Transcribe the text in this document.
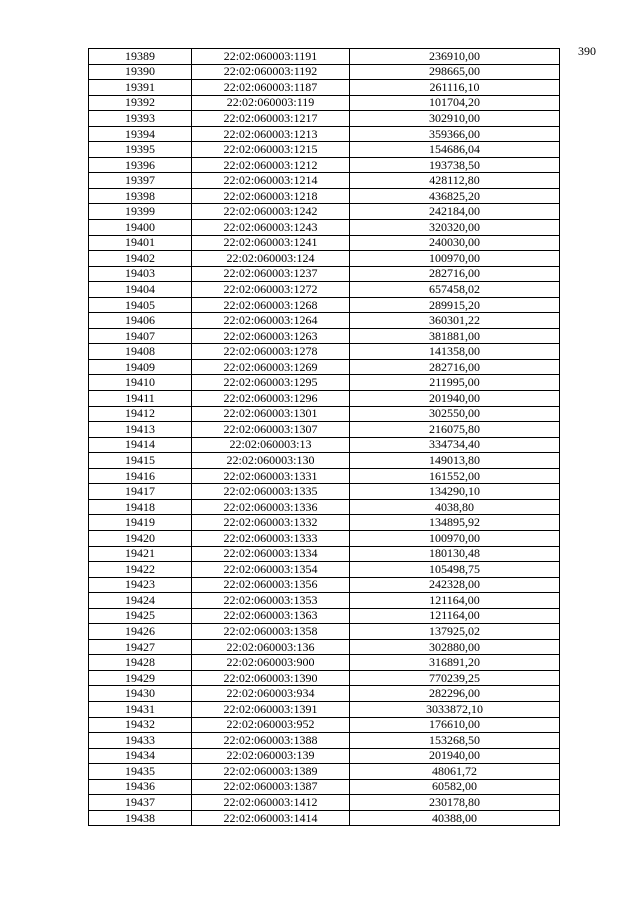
390
19389	22:02:060003:1191	236910,00
19390	22:02:060003:1192	298665,00
19391	22:02:060003:1187	261116,10
19392	22:02:060003:119	101704,20
19393	22:02:060003:1217	302910,00
19394	22:02:060003:1213	359366,00
19395	22:02:060003:1215	154686,04
19396	22:02:060003:1212	193738,50
19397	22:02:060003:1214	428112,80
19398	22:02:060003:1218	436825,20
19399	22:02:060003:1242	242184,00
19400	22:02:060003:1243	320320,00
19401	22:02:060003:1241	240030,00
19402	22:02:060003:124	100970,00
19403	22:02:060003:1237	282716,00
19404	22:02:060003:1272	657458,02
19405	22:02:060003:1268	289915,20
19406	22:02:060003:1264	360301,22
19407	22:02:060003:1263	381881,00
19408	22:02:060003:1278	141358,00
19409	22:02:060003:1269	282716,00
19410	22:02:060003:1295	211995,00
19411	22:02:060003:1296	201940,00
19412	22:02:060003:1301	302550,00
19413	22:02:060003:1307	216075,80
19414	22:02:060003:13	334734,40
19415	22:02:060003:130	149013,80
19416	22:02:060003:1331	161552,00
19417	22:02:060003:1335	134290,10
19418	22:02:060003:1336	4038,80
19419	22:02:060003:1332	134895,92
19420	22:02:060003:1333	100970,00
19421	22:02:060003:1334	180130,48
19422	22:02:060003:1354	105498,75
19423	22:02:060003:1356	242328,00
19424	22:02:060003:1353	121164,00
19425	22:02:060003:1363	121164,00
19426	22:02:060003:1358	137925,02
19427	22:02:060003:136	302880,00
19428	22:02:060003:900	316891,20
19429	22:02:060003:1390	770239,25
19430	22:02:060003:934	282296,00
19431	22:02:060003:1391	3033872,10
19432	22:02:060003:952	176610,00
19433	22:02:060003:1388	153268,50
19434	22:02:060003:139	201940,00
19435	22:02:060003:1389	48061,72
19436	22:02:060003:1387	60582,00
19437	22:02:060003:1412	230178,80
19438	22:02:060003:1414	40388,00
